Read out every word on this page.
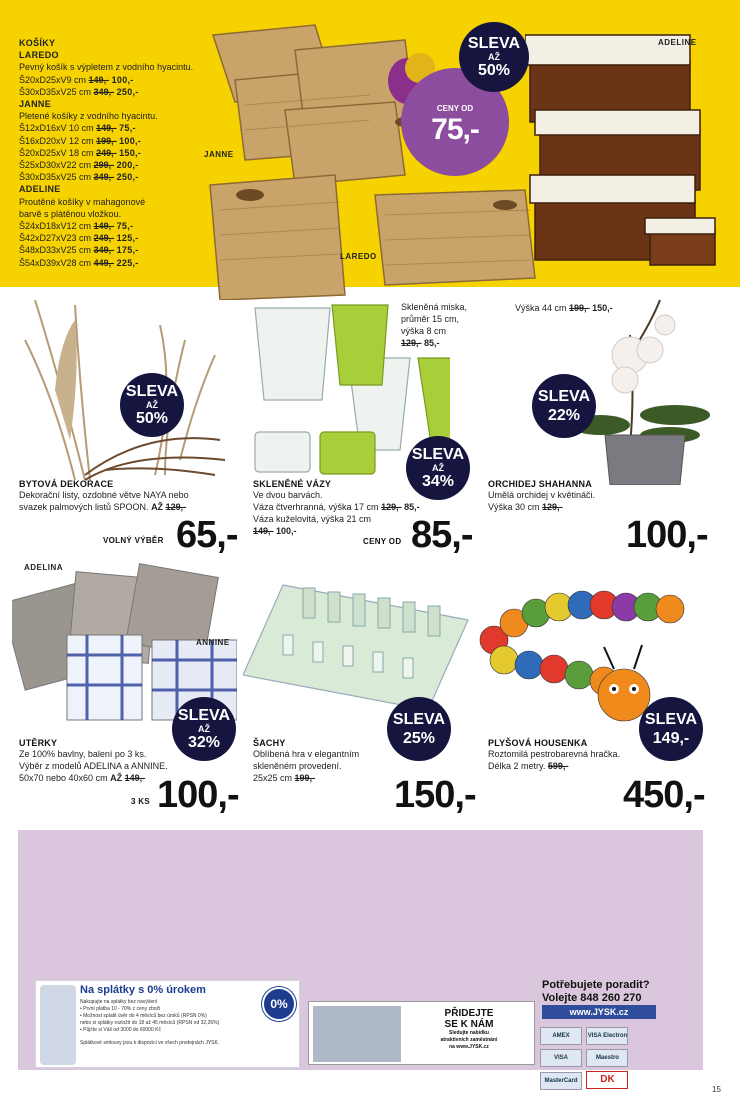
KOŠÍKY
LAREDO
Pevný košík s výpletem z vodního hyacintu.
Š20xD25xV9 cm 149,- 100,-
Š30xD35xV25 cm 349,- 250,-
JANNE
Pletené košíky z vodního hyacintu.
Š12xD16xV 10 cm 149,- 75,-
Š16xD20xV 12 cm 199,- 100,-
Š20xD25xV 18 cm 249,- 150,-
Š25xD30xV22 cm 299,- 200,-
Š30xD35xV25 cm 349,- 250,-
ADELINE
Proutěné košíky v mahagonové
barvě s plátěnou vložkou.
Š24xD18xV12 cm 149,- 75,-
Š42xD27xV23 cm 249,- 125,-
Š48xD33xV25 cm 349,- 175,-
Š54xD39xV28 cm 449,- 225,-
ADELINE
JANNE
LAREDO
CENY OD
75,-
SLEVA
AŽ
50%
Skleněná miska,
průměr 15 cm,
výška 8 cm
129,- 85,-
Výška 44 cm 199,- 150,-
SLEVA
AŽ
50%
SLEVA
AŽ
34%
SLEVA
22%
BYTOVÁ DEKORACE
Dekorační listy, ozdobné větve NAYA nebo
svazek palmových listů SPOON. AŽ 129,-
VOLNÝ VÝBĚR 65,-
SKLENĚNÉ VÁZY
Ve dvou barvách.
Váza čtverhranná, výška 17 cm 129,- 85,-
Váza kuželovitá, výška 21 cm
149,- 100,-
CENY OD 85,-
ORCHIDEJ SHAHANNA
Umělá orchidej v květináči.
Výška 30 cm 129,-
100,-
ADELINA
ANNINE
SLEVA
AŽ
32%
SLEVA
25%
SLEVA
149,-
UTĚRKY
Ze 100% bavlny, balení po 3 ks.
Výběr z modelů ADELINA a ANNINE.
50x70 nebo 40x60 cm AŽ 149,-
3 KS 100,-
ŠACHY
Oblíbená hra v elegantním
skleněném provedení.
25x25 cm 199,-	150,-
PLYŠOVÁ HOUSENKA
Roztomilá pestrobarevná hračka.
Délka 2 metry. 599,-
450,-
Na splátky s 0% úrokem
Nakupujte na splátky bez navýšení
• První platba 10 - 70% z ceny zboží
• Možnost splatit úvěr do 4 měsíců bez úroků (RPSN 0%)
nebo si splátky rozložit do 18 až 45 měsíců (RPSN od 32,26%)
• Půjčte si Váš od 3000 do 60000 Kč
Splátkové smlouvy jsou k dispozici ve všech prodejnách JYSK.
0%
PŘIDEJTE
SE K NÁM
Sledujte nabídku
atraktivních zaměstnání
na www.JYSK.cz
Potřebujete poradit?
Volejte 848 260 270
www.JYSK.cz
AMEX	VISA Electron VISA	Maestro MasterCard DK
15
